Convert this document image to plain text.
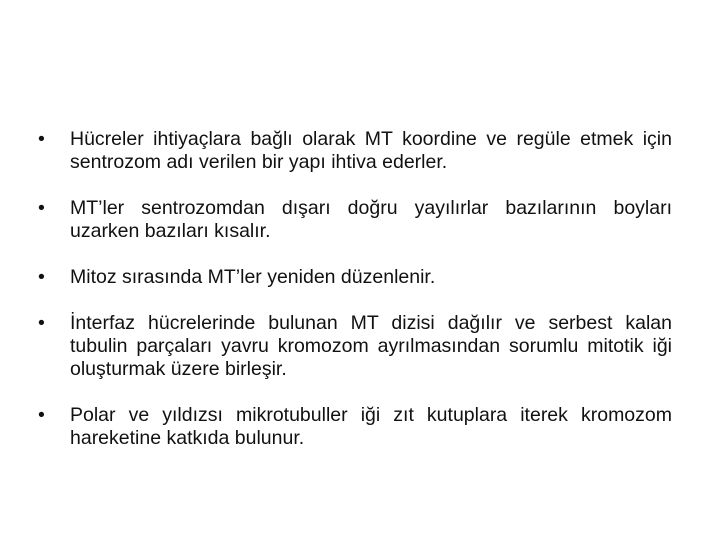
• Hücreler ihtiyaçlara bağlı olarak MT koordine ve regüle etmek için sentrozom adı verilen bir yapı ihtiva ederler.
• MT’ler sentrozomdan dışarı doğru yayılırlar bazılarının boyları uzarken bazıları kısalır.
• Mitoz sırasında MT’ler yeniden düzenlenir.
• İnterfaz hücrelerinde bulunan MT dizisi dağılır ve serbest kalan tubulin parçaları yavru kromozom ayrılmasından sorumlu mitotik iği oluşturmak üzere birleşir.
• Polar ve yıldızsı mikrotubuller iği zıt kutuplara iterek kromozom hareketine katkıda bulunur.
